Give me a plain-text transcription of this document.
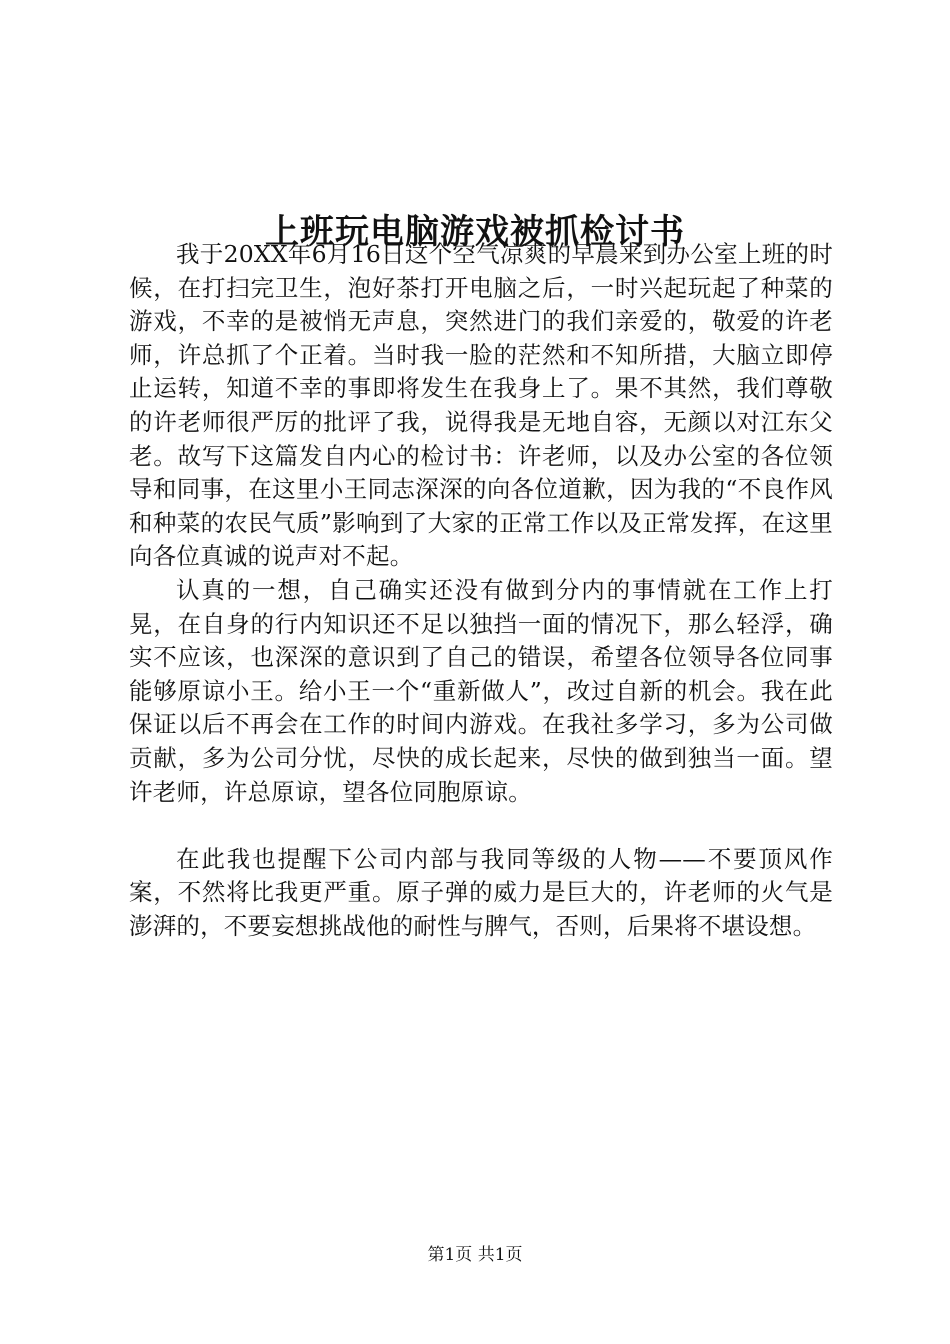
上班玩电脑游戏被抓检讨书

我于20XX年6月16日这个空气凉爽的早晨来到办公室上班的时候，在打扫完卫生，泡好茶打开电脑之后，一时兴起玩起了种菜的游戏，不幸的是被悄无声息，突然进门的我们亲爱的，敬爱的许老师，许总抓了个正着。当时我一脸的茫然和不知所措，大脑立即停止运转，知道不幸的事即将发生在我身上了。果不其然，我们尊敬的许老师很严厉的批评了我，说得我是无地自容，无颜以对江东父老。故写下这篇发自内心的检讨书：许老师，以及办公室的各位领导和同事，在这里小王同志深深的向各位道歉，因为我的“不良作风和种菜的农民气质”影响到了大家的正常工作以及正常发挥，在这里向各位真诚的说声对不起。

认真的一想，自己确实还没有做到分内的事情就在工作上打晃，在自身的行内知识还不足以独挡一面的情况下，那么轻浮，确实不应该，也深深的意识到了自己的错误，希望各位领导各位同事能够原谅小王。给小王一个“重新做人”，改过自新的机会。我在此保证以后不再会在工作的时间内游戏。在我社多学习，多为公司做贡献，多为公司分忧，尽快的成长起来，尽快的做到独当一面。望许老师，许总原谅，望各位同胞原谅。

在此我也提醒下公司内部与我同等级的人物——不要顶风作案，不然将比我更严重。原子弹的威力是巨大的，许老师的火气是澎湃的，不要妄想挑战他的耐性与脾气，否则，后果将不堪设想。

第1页 共1页
